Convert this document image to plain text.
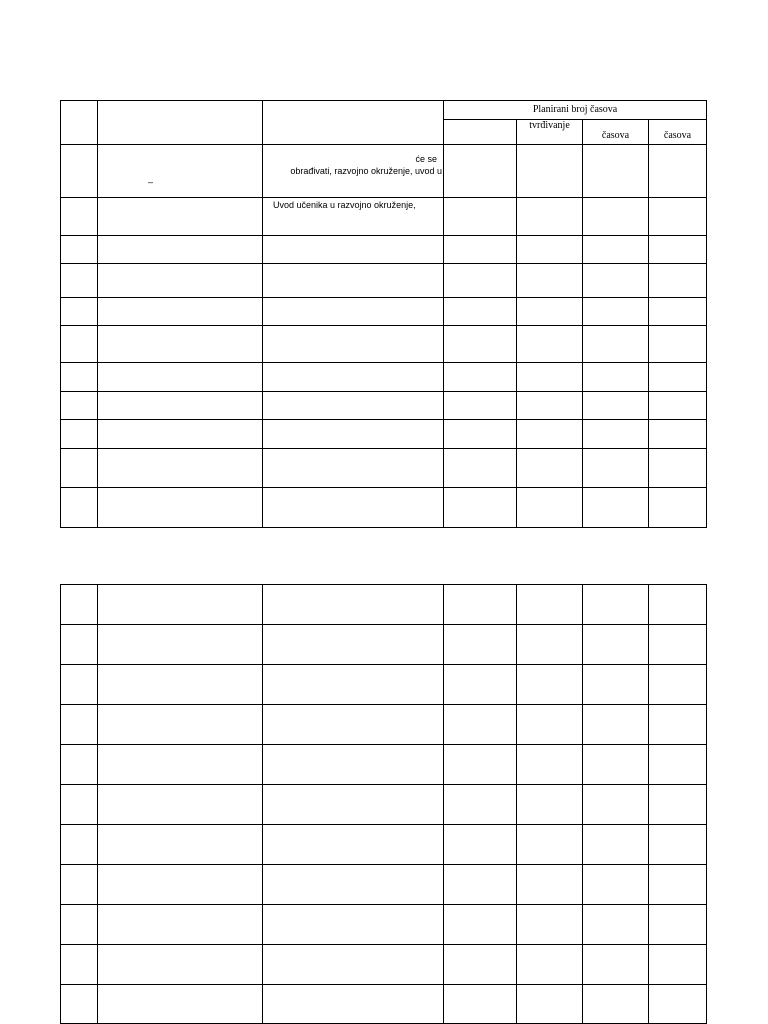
			Planirani broj časova			
				tvrđivanje	časova	časova

	–	će se
obrađivati, razvojno okruženje, uvod u				

		Uvod učenika u razvojno okruženje,				
